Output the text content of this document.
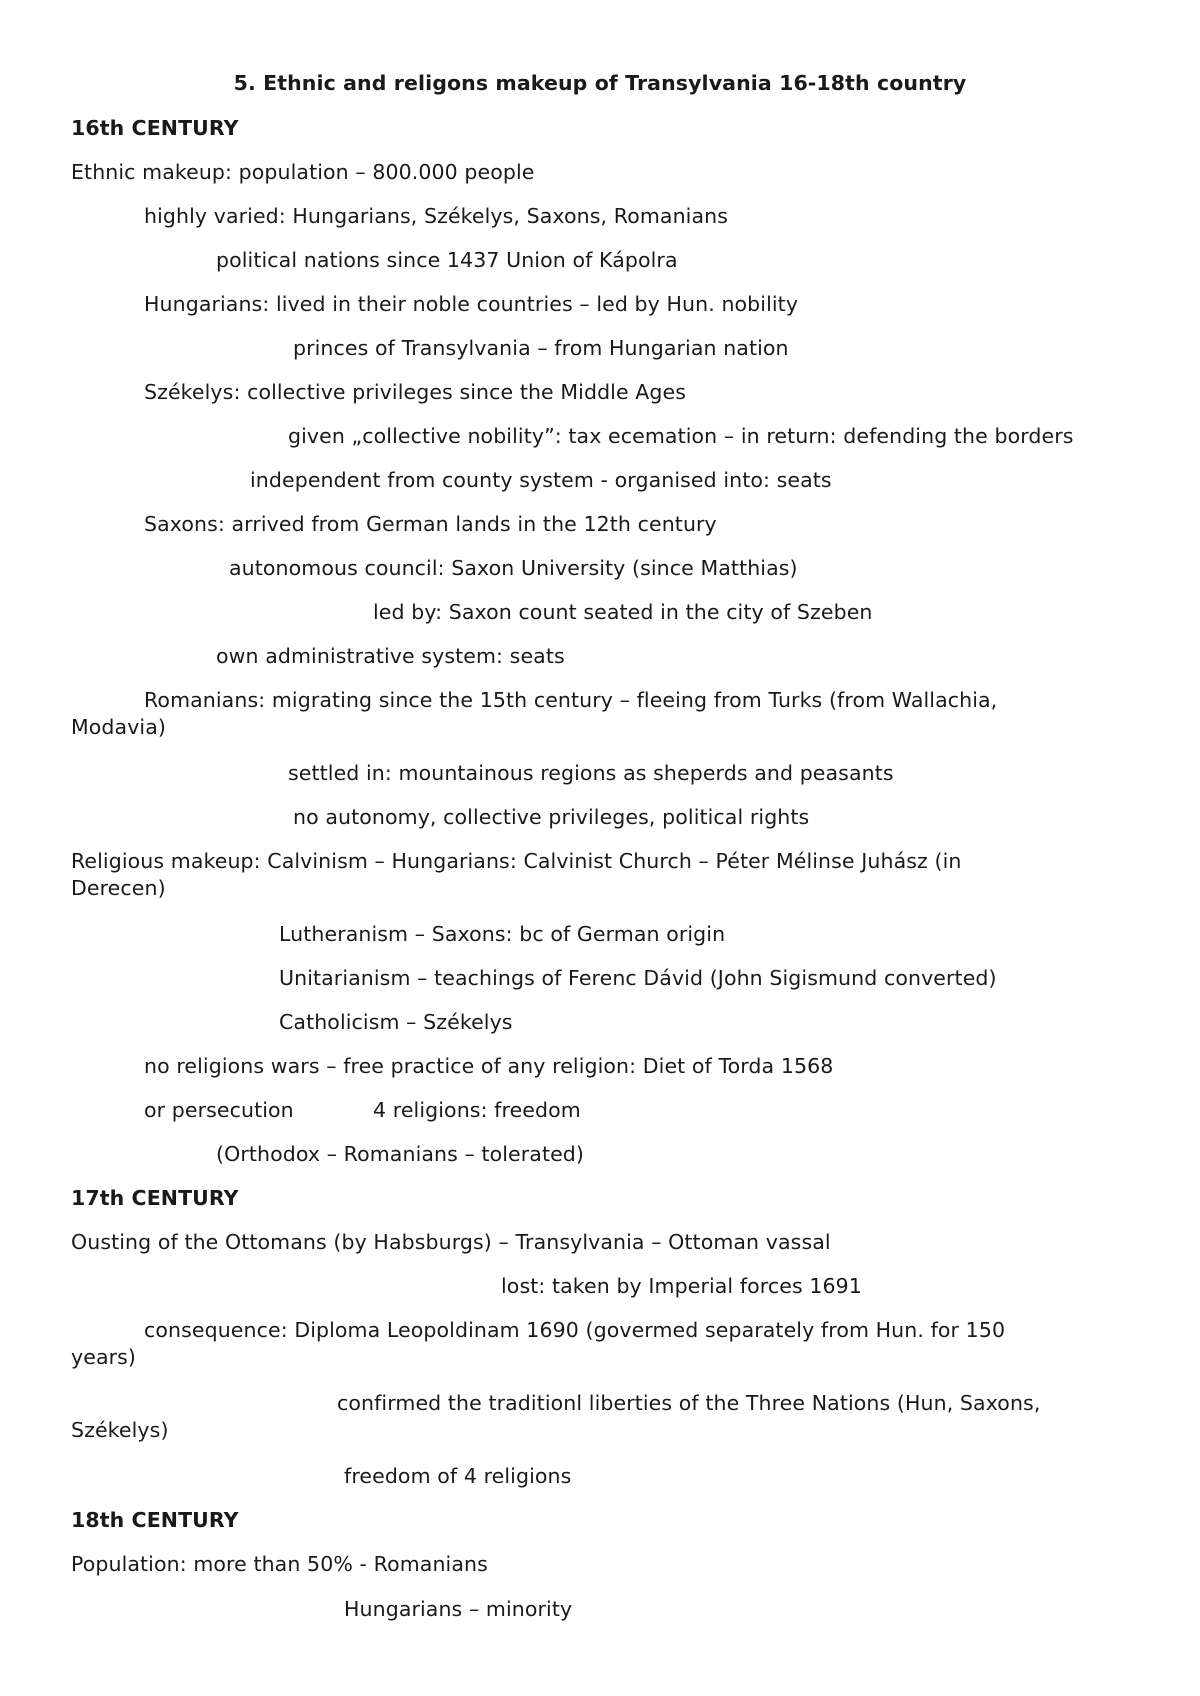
5. Ethnic and religons makeup of Transylvania 16-18th country
16th CENTURY
Ethnic makeup: population – 800.000 people
highly varied: Hungarians, Székelys, Saxons, Romanians
political nations since 1437 Union of Kápolra
Hungarians: lived in their noble countries – led by Hun. nobility
princes of Transylvania – from Hungarian nation
Székelys: collective privileges since the Middle Ages
given „collective nobility”: tax ecemation – in return: defending the borders
independent from county system - organised into: seats
Saxons: arrived from German lands in the 12th century
autonomous council: Saxon University (since Matthias)
led by: Saxon count seated in the city of Szeben
own administrative system: seats
Romanians: migrating since the 15th century – fleeing from Turks (from Wallachia,
Modavia)
settled in: mountainous regions as sheperds and peasants
no autonomy, collective privileges, political rights
Religious makeup: Calvinism – Hungarians: Calvinist Church – Péter Mélinse Juhász (in
Derecen)
Lutheranism – Saxons: bc of German origin
Unitarianism – teachings of Ferenc Dávid (John Sigismund converted)
Catholicism – Székelys
no religions wars – free practice of any religion: Diet of Torda 1568
or persecution	4 religions: freedom
(Orthodox – Romanians – tolerated)
17th CENTURY
Ousting of the Ottomans (by Habsburgs) – Transylvania – Ottoman vassal
lost: taken by Imperial forces 1691
consequence: Diploma Leopoldinam 1690 (govermed separately from Hun. for 150
years)
confirmed the traditionl liberties of the Three Nations (Hun, Saxons,
Székelys)
freedom of 4 religions
18th CENTURY
Population: more than 50% - Romanians
Hungarians – minority
